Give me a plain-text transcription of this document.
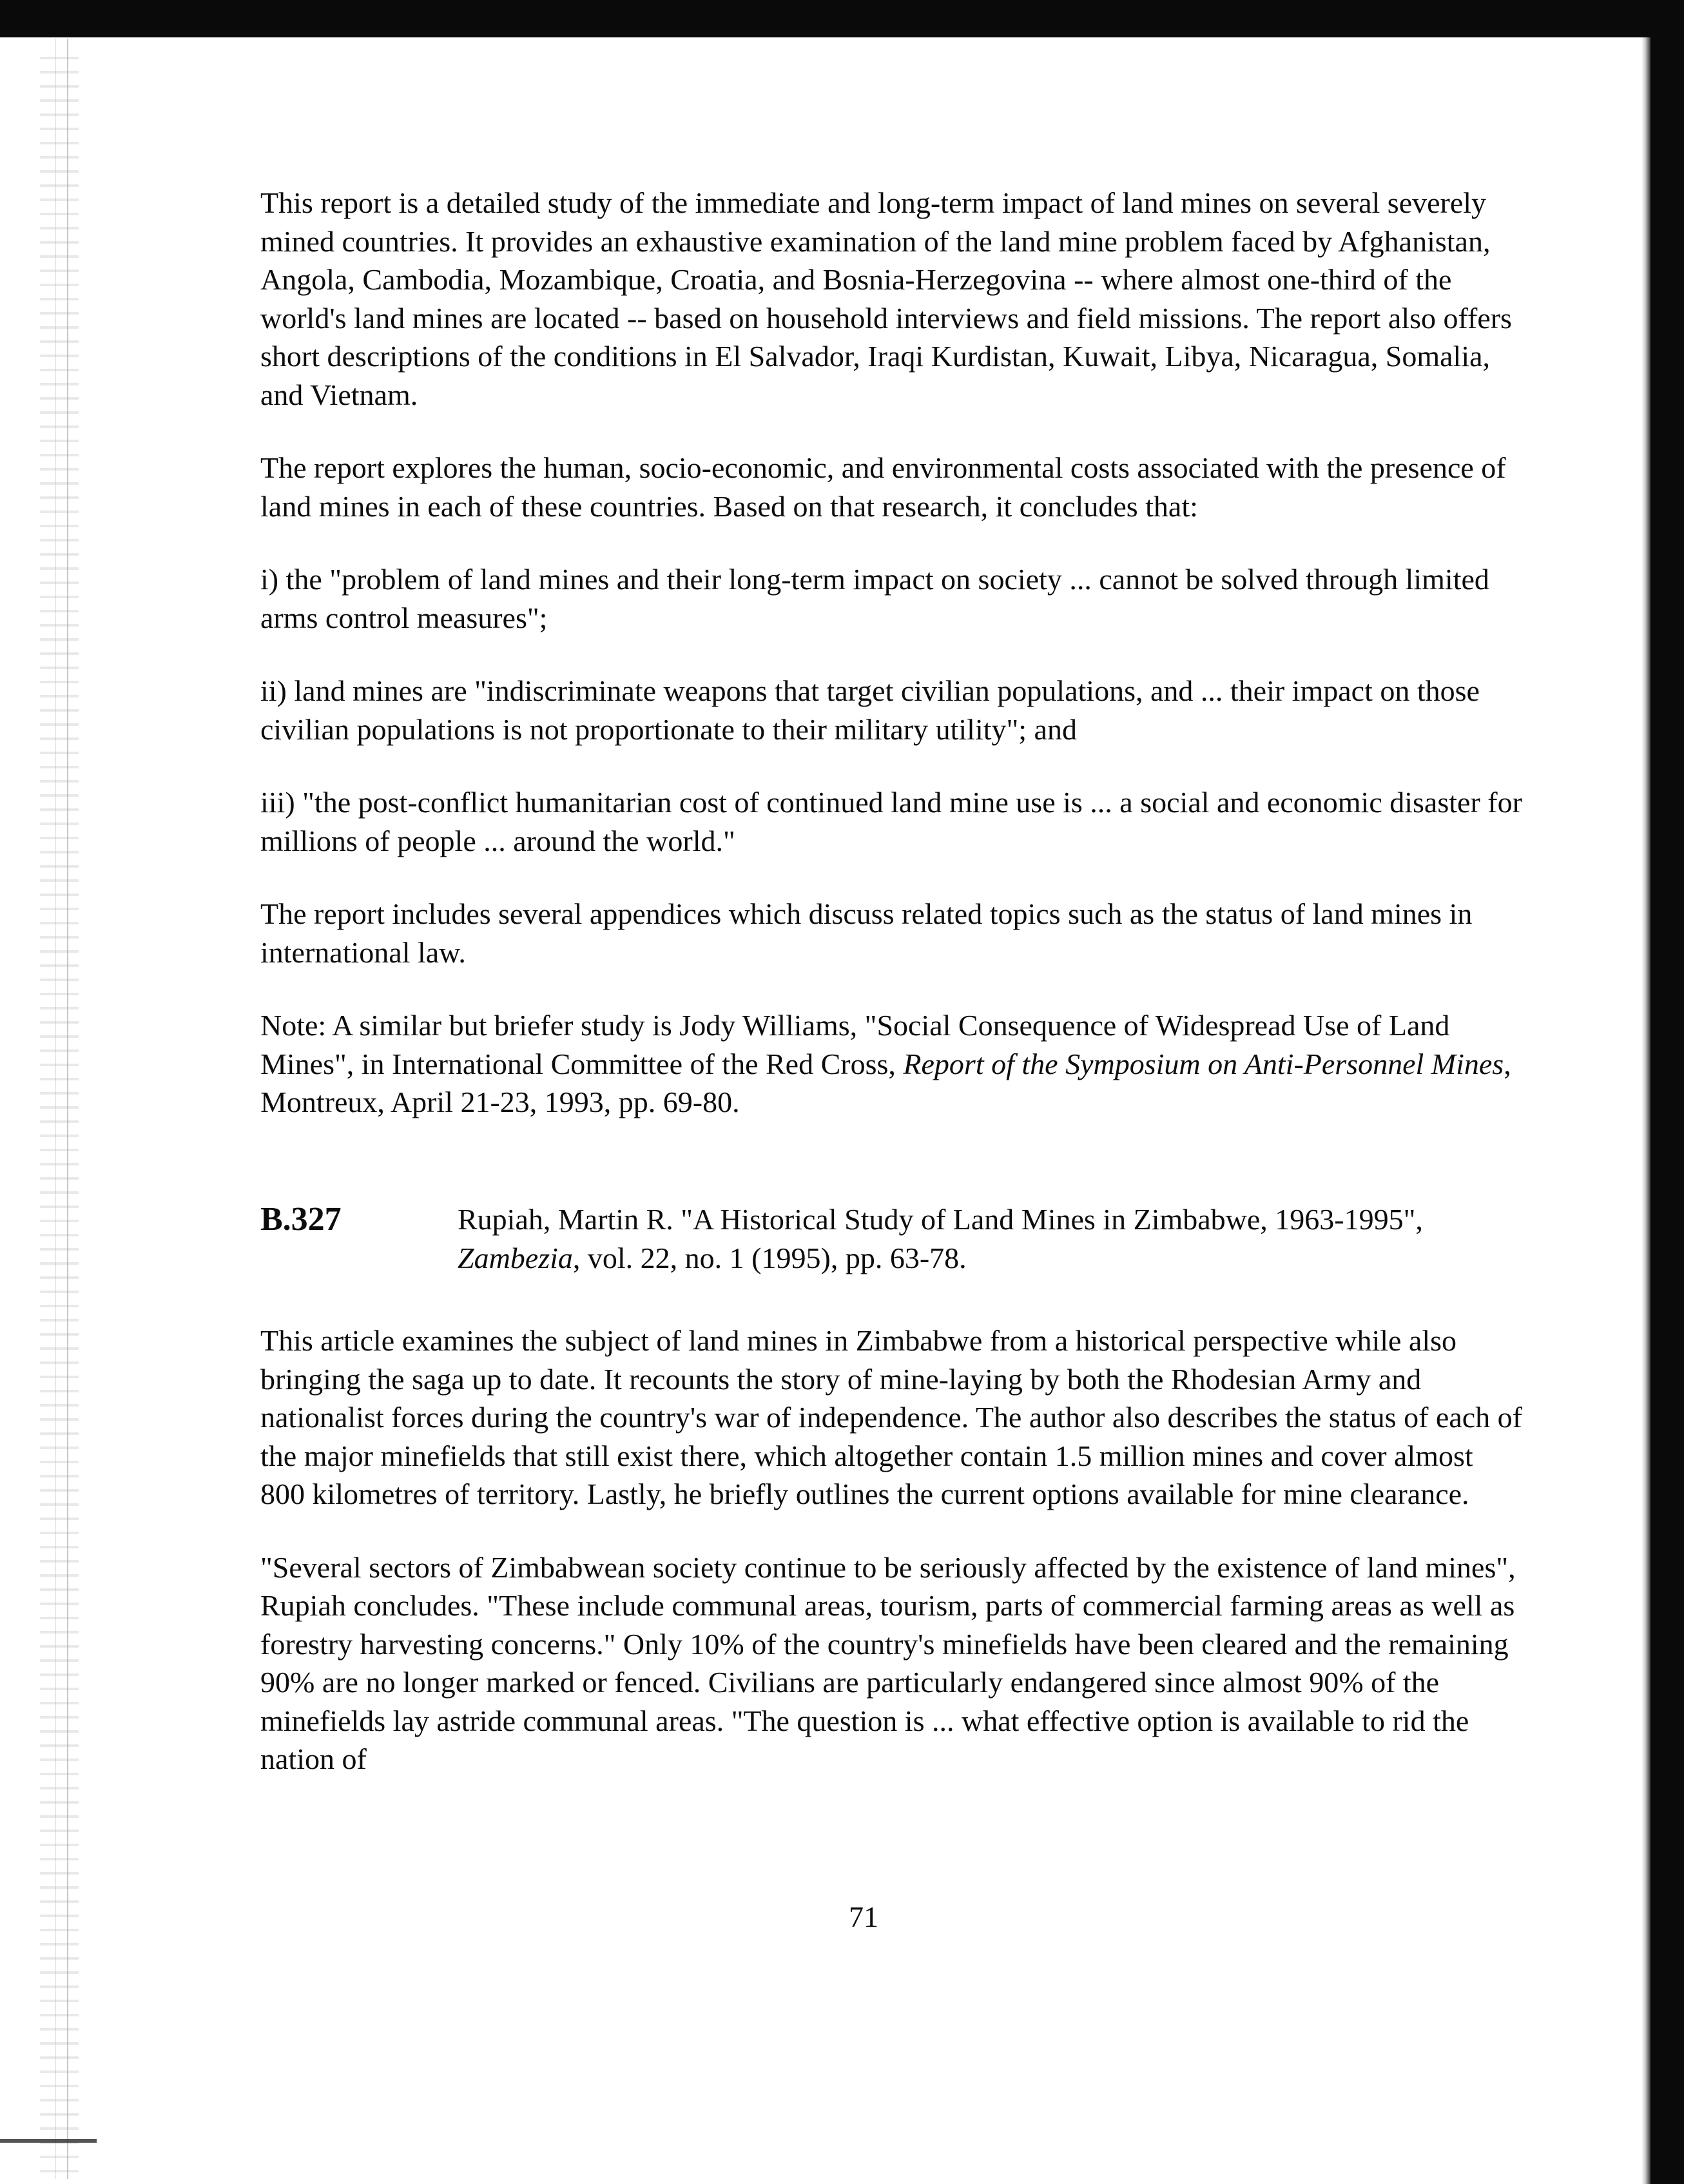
This report is a detailed study of the immediate and long-term impact of land mines on several severely mined countries. It provides an exhaustive examination of the land mine problem faced by Afghanistan, Angola, Cambodia, Mozambique, Croatia, and Bosnia-Herzegovina -- where almost one-third of the world's land mines are located -- based on household interviews and field missions. The report also offers short descriptions of the conditions in El Salvador, Iraqi Kurdistan, Kuwait, Libya, Nicaragua, Somalia, and Vietnam.

The report explores the human, socio-economic, and environmental costs associated with the presence of land mines in each of these countries. Based on that research, it concludes that:

i) the "problem of land mines and their long-term impact on society ... cannot be solved through limited arms control measures";

ii) land mines are "indiscriminate weapons that target civilian populations, and ... their impact on those civilian populations is not proportionate to their military utility"; and

iii) "the post-conflict humanitarian cost of continued land mine use is ... a social and economic disaster for millions of people ... around the world."

The report includes several appendices which discuss related topics such as the status of land mines in international law.

Note: A similar but briefer study is Jody Williams, "Social Consequence of Widespread Use of Land Mines", in International Committee of the Red Cross, Report of the Symposium on Anti-Personnel Mines, Montreux, April 21-23, 1993, pp. 69-80.

B.327	Rupiah, Martin R. "A Historical Study of Land Mines in Zimbabwe, 1963-1995", Zambezia, vol. 22, no. 1 (1995), pp. 63-78.

This article examines the subject of land mines in Zimbabwe from a historical perspective while also bringing the saga up to date. It recounts the story of mine-laying by both the Rhodesian Army and nationalist forces during the country's war of independence. The author also describes the status of each of the major minefields that still exist there, which altogether contain 1.5 million mines and cover almost 800 kilometres of territory. Lastly, he briefly outlines the current options available for mine clearance.

"Several sectors of Zimbabwean society continue to be seriously affected by the existence of land mines", Rupiah concludes. "These include communal areas, tourism, parts of commercial farming areas as well as forestry harvesting concerns." Only 10% of the country's minefields have been cleared and the remaining 90% are no longer marked or fenced. Civilians are particularly endangered since almost 90% of the minefields lay astride communal areas. "The question is ... what effective option is available to rid the nation of

71
